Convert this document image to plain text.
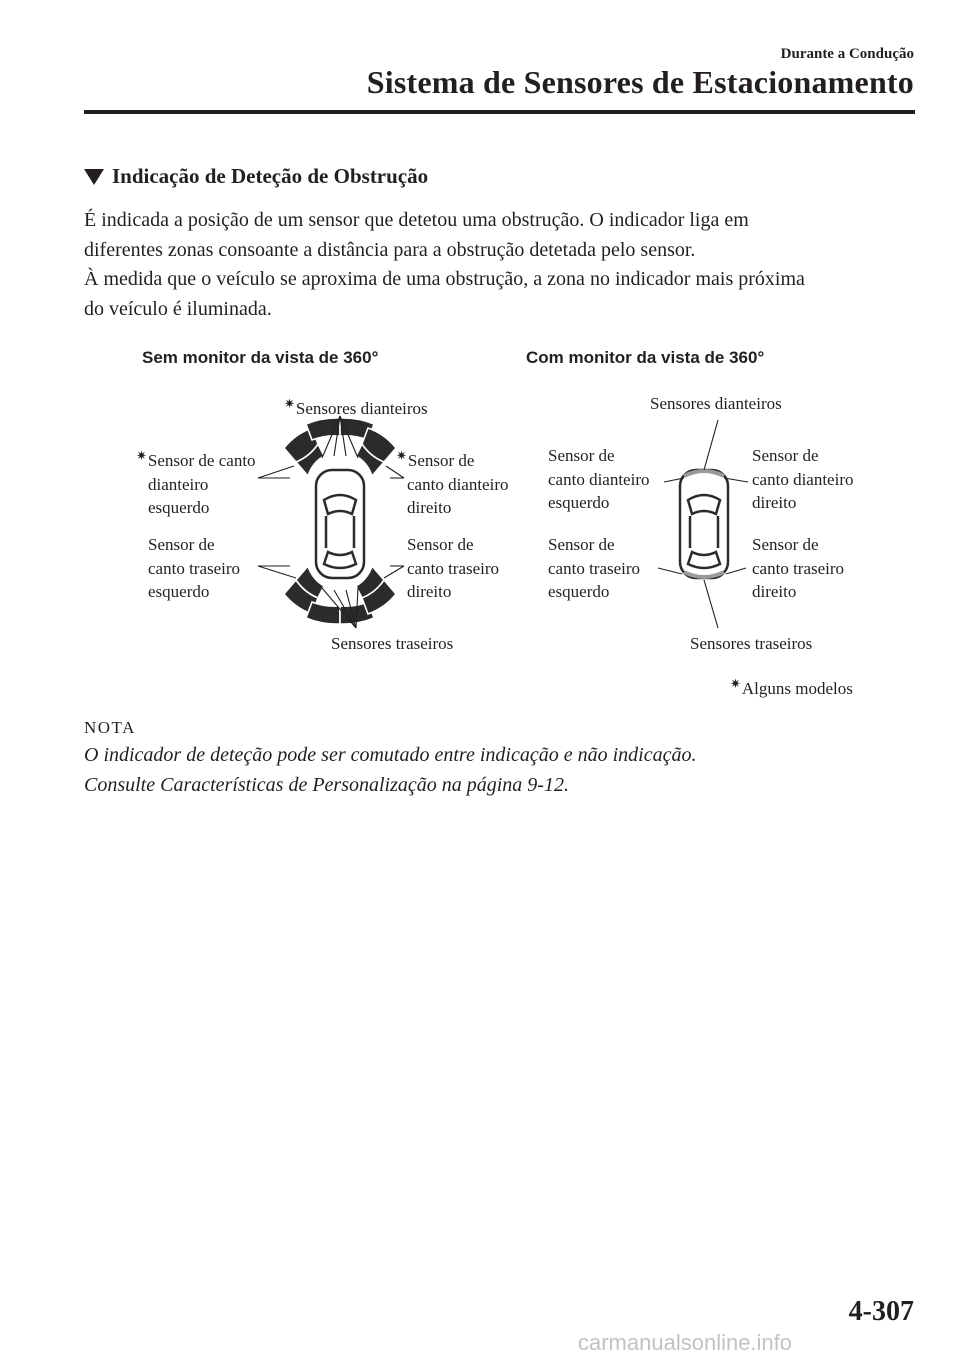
Durante a Condução
Sistema de Sensores de Estacionamento
Indicação de Deteção de Obstrução

É indicada a posição de um sensor que detetou uma obstrução. O indicador liga em

diferentes zonas consoante a distância para a obstrução detetada pelo sensor.

À medida que o veículo se aproxima de uma obstrução, a zona no indicador mais próxima

do veículo é iluminada.

Sem monitor da vista de 360°
✷Sensores dianteiros
✷Sensor de canto
dianteiro
esquerdo
✷Sensor de
canto dianteiro
direito
Sensor de
canto traseiro
esquerdo
Sensor de
canto traseiro
direito
Sensores traseiros
Com monitor da vista de 360°
Sensores dianteiros
Sensor de
canto dianteiro
esquerdo
Sensor de
canto dianteiro
direito
Sensor de
canto traseiro
esquerdo
Sensor de
canto traseiro
direito
Sensores traseiros
✷Alguns modelos
NOTA

O indicador de deteção pode ser comutado entre indicação e não indicação.

Consulte Características de Personalização na página 9-12.

4-307
carmanualsonline.info
